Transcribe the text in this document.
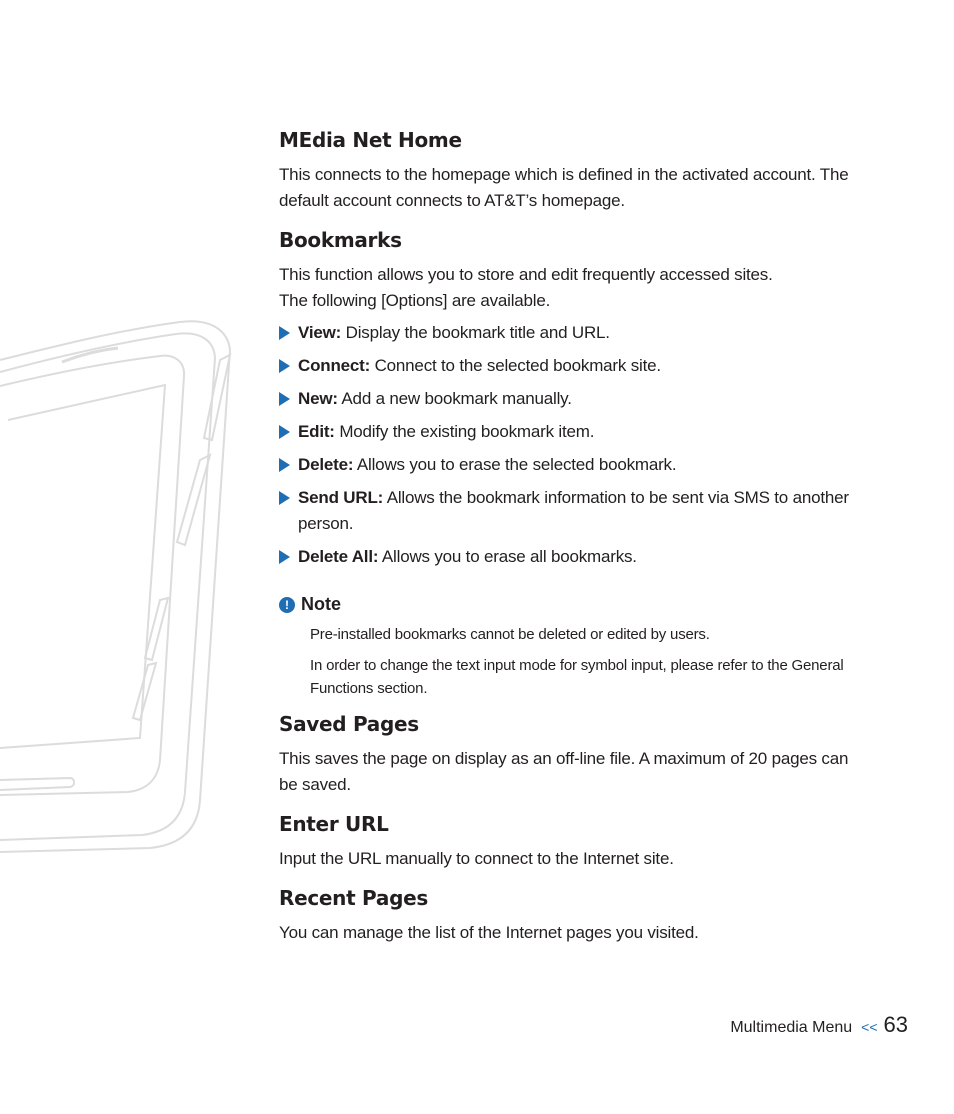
MEdia Net Home

This connects to the homepage which is defined in the activated account. The default account connects to AT&T’s homepage.

Bookmarks

This function allows you to store and edit frequently accessed sites.
The following [Options] are available.

View: Display the bookmark title and URL.
Connect: Connect to the selected bookmark site.
New: Add a new bookmark manually.
Edit: Modify the existing bookmark item.
Delete: Allows you to erase the selected bookmark.
Send URL: Allows the bookmark information to be sent via SMS to another person.
Delete All: Allows you to erase all bookmarks.
! Note

Pre-installed bookmarks cannot be deleted or edited by users.

In order to change the text input mode for symbol input, please refer to the General Functions section.

Saved Pages

This saves the page on display as an off-line file. A maximum of 20 pages can be saved.

Enter URL

Input the URL manually to connect to the Internet site.

Recent Pages

You can manage the list of the Internet pages you visited.

Multimedia Menu << 63
